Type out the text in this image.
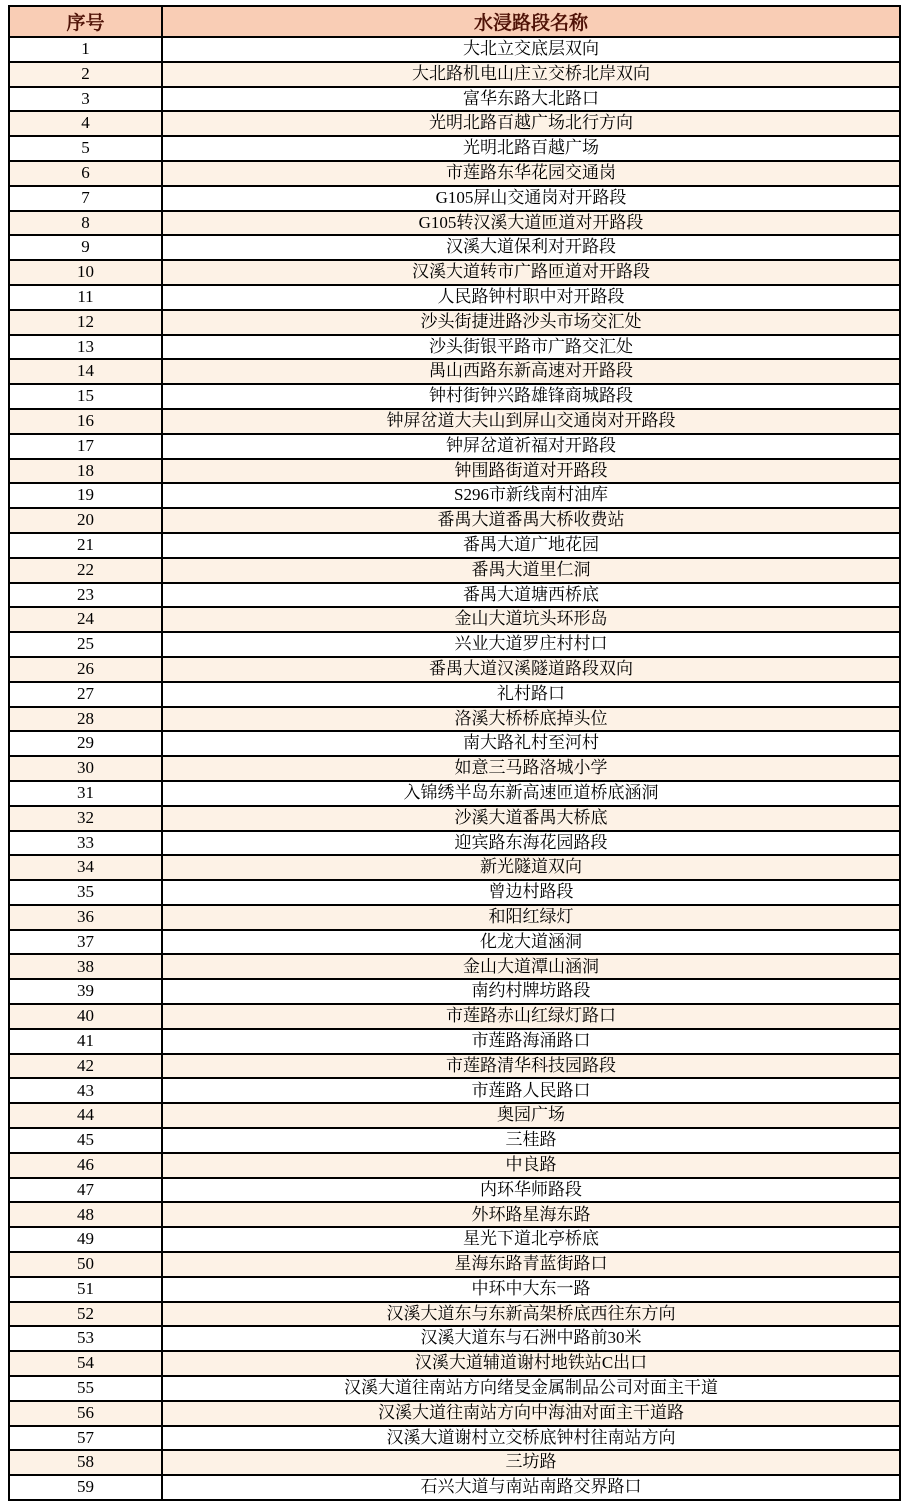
序号	水浸路段名称
1	大北立交底层双向
2	大北路机电山庄立交桥北岸双向
3	富华东路大北路口
4	光明北路百越广场北行方向
5	光明北路百越广场
6	市莲路东华花园交通岗
7	G105屏山交通岗对开路段
8	G105转汉溪大道匝道对开路段
9	汉溪大道保利对开路段
10	汉溪大道转市广路匝道对开路段
11	人民路钟村职中对开路段
12	沙头街捷进路沙头市场交汇处
13	沙头街银平路市广路交汇处
14	禺山西路东新高速对开路段
15	钟村街钟兴路雄锋商城路段
16	钟屏岔道大夫山到屏山交通岗对开路段
17	钟屏岔道祈福对开路段
18	钟围路街道对开路段
19	S296市新线南村油库
20	番禺大道番禺大桥收费站
21	番禺大道广地花园
22	番禺大道里仁洞
23	番禺大道塘西桥底
24	金山大道坑头环形岛
25	兴业大道罗庄村村口
26	番禺大道汉溪隧道路段双向
27	礼村路口
28	洛溪大桥桥底掉头位
29	南大路礼村至河村
30	如意三马路洛城小学
31	入锦绣半岛东新高速匝道桥底涵洞
32	沙溪大道番禺大桥底
33	迎宾路东海花园路段
34	新光隧道双向
35	曾边村路段
36	和阳红绿灯
37	化龙大道涵洞
38	金山大道潭山涵洞
39	南约村牌坊路段
40	市莲路赤山红绿灯路口
41	市莲路海涌路口
42	市莲路清华科技园路段
43	市莲路人民路口
44	奥园广场
45	三桂路
46	中良路
47	内环华师路段
48	外环路星海东路
49	星光下道北亭桥底
50	星海东路青蓝街路口
51	中环中大东一路
52	汉溪大道东与东新高架桥底西往东方向
53	汉溪大道东与石洲中路前30米
54	汉溪大道辅道谢村地铁站C出口
55	汉溪大道往南站方向绪旻金属制品公司对面主干道
56	汉溪大道往南站方向中海油对面主干道路
57	汉溪大道谢村立交桥底钟村往南站方向
58	三坊路
59	石兴大道与南站南路交界路口
